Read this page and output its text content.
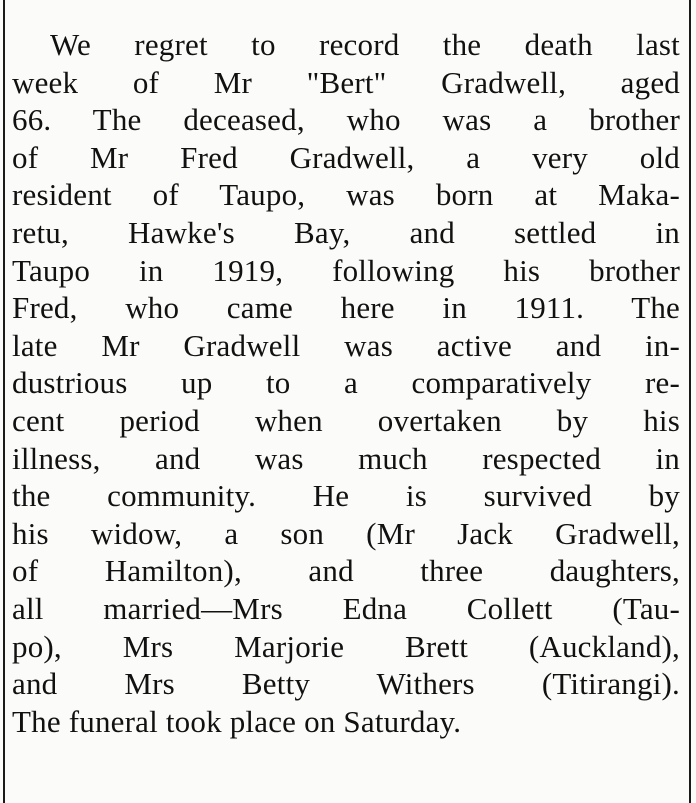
We regret to record the death last
week of Mr "Bert" Gradwell, aged
66. The deceased, who was a brother
of Mr Fred Gradwell, a very old
resident of Taupo, was born at Maka-
retu, Hawke's Bay, and settled in
Taupo in 1919, following his brother
Fred, who came here in 1911. The
late Mr Gradwell was active and in-
dustrious up to a comparatively re-
cent period when overtaken by his
illness, and was much respected in
the community. He is survived by
his widow, a son (Mr Jack Gradwell,
of Hamilton), and three daughters,
all married—Mrs Edna Collett (Tau-
po), Mrs Marjorie Brett (Auckland),
and Mrs Betty Withers (Titirangi).
The funeral took place on Saturday.
